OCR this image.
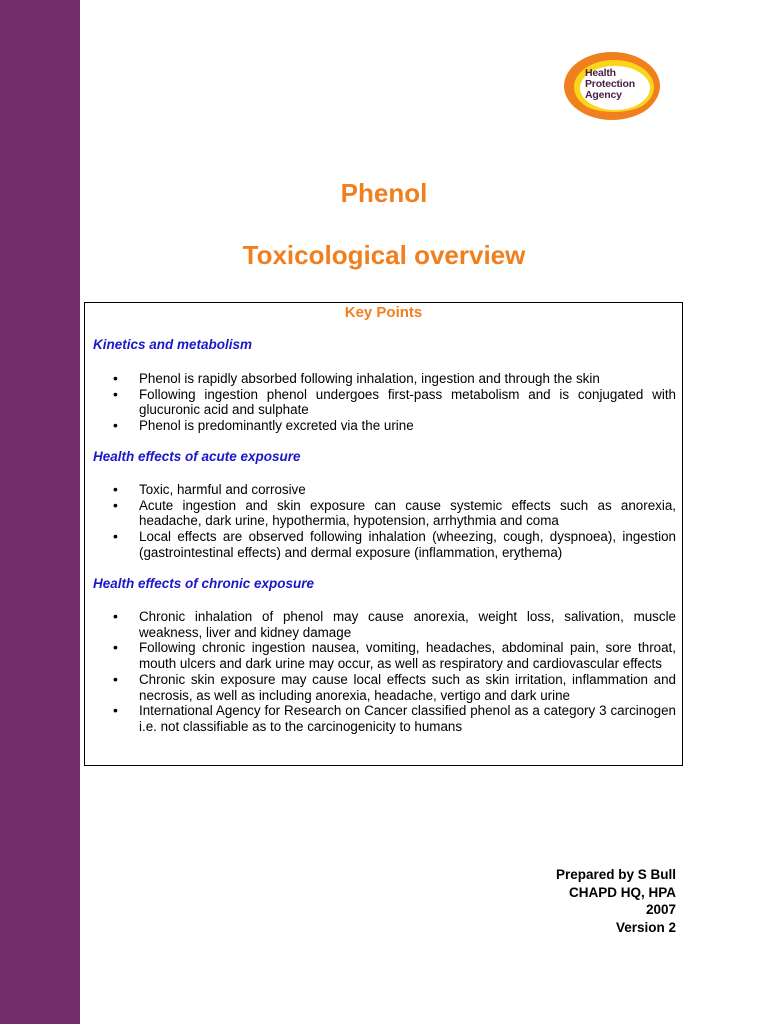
Health
Protection
Agency
Phenol
Toxicological overview
Key Points
Kinetics and metabolism
• Phenol is rapidly absorbed following inhalation, ingestion and through the skin
• Following ingestion phenol undergoes first-pass metabolism and is conjugated with glucuronic acid and sulphate
• Phenol is predominantly excreted via the urine
Health effects of acute exposure
• Toxic, harmful and corrosive
• Acute ingestion and skin exposure can cause systemic effects such as anorexia, headache, dark urine, hypothermia, hypotension, arrhythmia and coma
• Local effects are observed following inhalation (wheezing, cough, dyspnoea), ingestion (gastrointestinal effects) and dermal exposure (inflammation, erythema)
Health effects of chronic exposure
• Chronic inhalation of phenol may cause anorexia, weight loss, salivation, muscle weakness, liver and kidney damage
• Following chronic ingestion nausea, vomiting, headaches, abdominal pain, sore throat, mouth ulcers and dark urine may occur, as well as respiratory and cardiovascular effects
• Chronic skin exposure may cause local effects such as skin irritation, inflammation and necrosis, as well as including anorexia, headache, vertigo and dark urine
• International Agency for Research on Cancer classified phenol as a category 3 carcinogen i.e. not classifiable as to the carcinogenicity to humans
Prepared by S Bull
CHAPD HQ, HPA
2007
Version 2
